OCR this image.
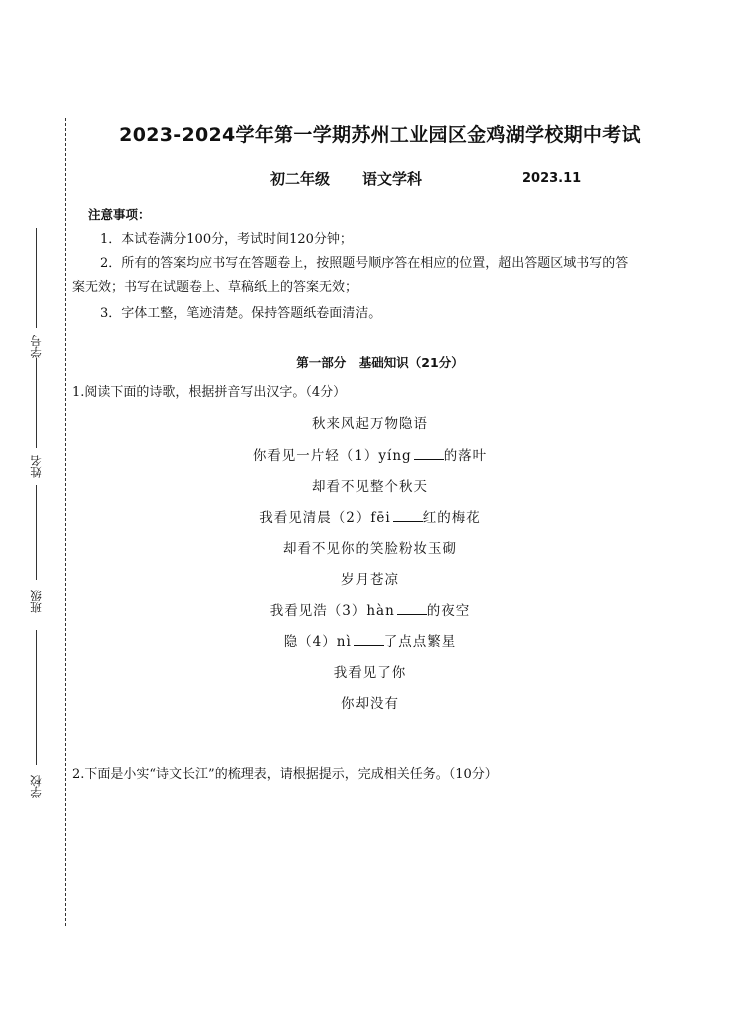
学号
姓名
班级
学校
2023-2024学年第一学期苏州工业园区金鸡湖学校期中考试
初二年级 语文学科	2023.11
注意事项：
1．本试卷满分100分，考试时间120分钟；
2．所有的答案均应书写在答题卷上，按照题号顺序答在相应的位置，超出答题区域书写的答
案无效；书写在试题卷上、草稿纸上的答案无效；
3．字体工整，笔迹清楚。保持答题纸卷面清洁。
第一部分　基础知识（21分）
1.阅读下面的诗歌，根据拼音写出汉字。（4分）
秋来风起万物隐语
你看见一片轻（1）yíng 的落叶
却看不见整个秋天
我看见清晨（2）fēi 红的梅花
却看不见你的笑脸粉妆玉砌
岁月苍凉
我看见浩（3）hàn 的夜空
隐（4）nì 了点点繁星
我看见了你
你却没有
2.下面是小实“诗文长江”的梳理表，请根据提示，完成相关任务。（10分）
